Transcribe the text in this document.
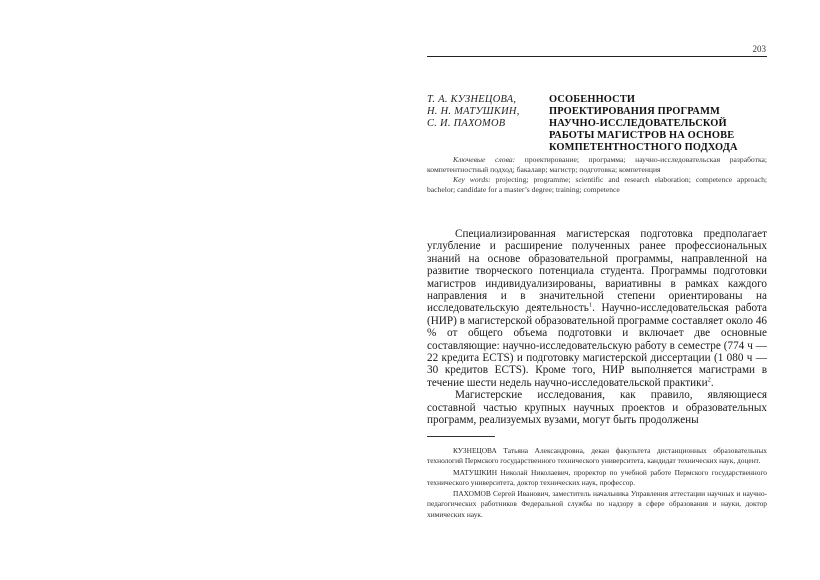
203
Т. А. КУЗНЕЦОВА,
Н. Н. МАТУШКИН,
С. И. ПАХОМОВ
ОСОБЕННОСТИ
ПРОЕКТИРОВАНИЯ ПРОГРАММ
НАУЧНО-ИССЛЕДОВАТЕЛЬСКОЙ
РАБОТЫ МАГИСТРОВ НА ОСНОВЕ
КОМПЕТЕНТНОСТНОГО ПОДХОДА

Ключевые слова: проектирование; программа; научно-исследовательская разработка; компетентностный подход; бакалавр; магистр; подготовка; компетенция

Key words: projecting; programme; scientific and research elaboration; competence approach; bachelor; candidate for a master’s degree; training; competence

Специализированная магистерская подготовка предполагает углубление и расширение полученных ранее профессиональных знаний на основе образовательной программы, направленной на развитие творческого потенциала студента. Программы подготовки магистров индивидуализированы, вариативны в рамках каждого направления и в значительной степени ориентированы на исследовательскую деятельность$^1$. Научно-исследовательская работа (НИР) в магистерской образовательной программе составляет около 46 % от общего объема подготовки и включает две основные составляющие: научно-исследовательскую работу в семестре (774 ч — 22 кредита ECTS) и подготовку магистерской диссертации (1 080 ч — 30 кредитов ECTS). Кроме того, НИР выполняется магистрами в течение шести недель научно-исследовательской практики$^2$.

Магистерские исследования, как правило, являющиеся составной частью крупных научных проектов и образовательных программ, реализуемых вузами, могут быть продолжены

КУЗНЕЦОВА Татьяна Александровна, декан факультета дистанционных образовательных технологий Пермского государственного технического университета, кандидат технических наук, доцент.

МАТУШКИН Николай Николаевич, проректор по учебной работе Пермского государственного технического университета, доктор технических наук, профессор.

ПАХОМОВ Сергей Иванович, заместитель начальника Управления аттестации научных и научно-педагогических работников Федеральной службы по надзору в сфере образования и науки, доктор химических наук.
